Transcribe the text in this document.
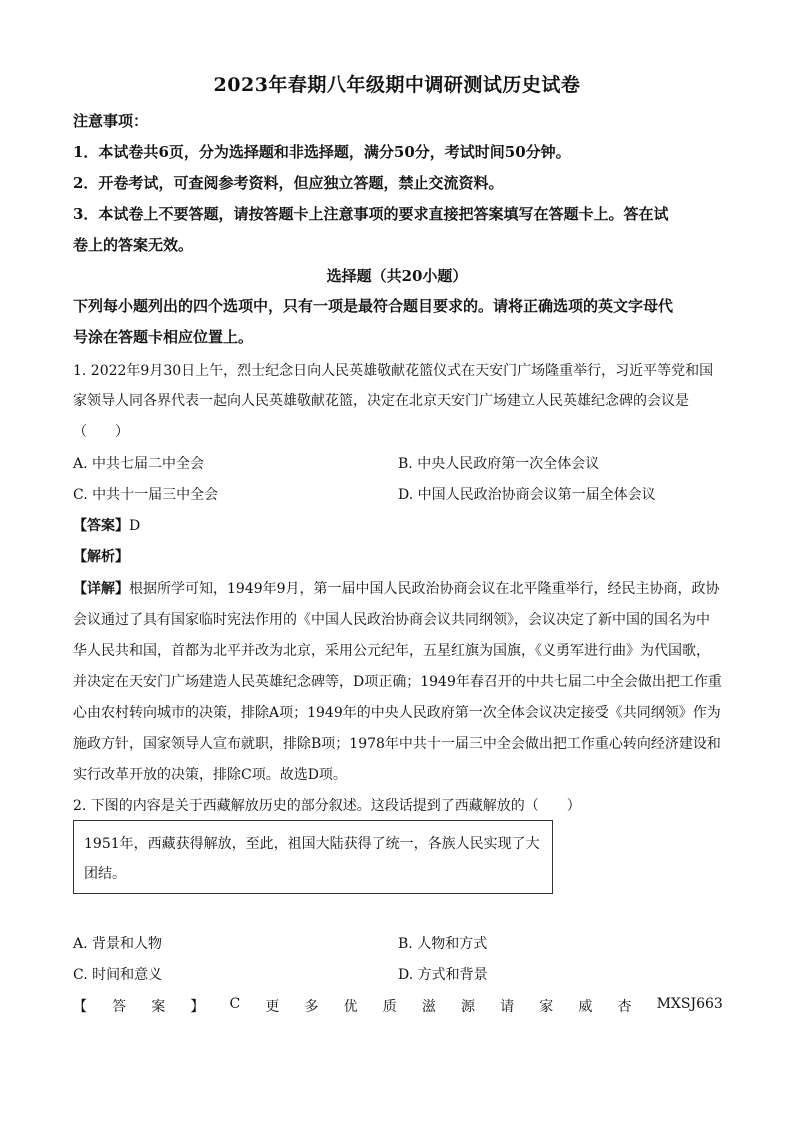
2023年春期八年级期中调研测试历史试卷
注意事项：
1．本试卷共6页，分为选择题和非选择题，满分50分，考试时间50分钟。
2．开卷考试，可查阅参考资料，但应独立答题，禁止交流资料。
3．本试卷上不要答题，请按答题卡上注意事项的要求直接把答案填写在答题卡上。答在试
卷上的答案无效。
选择题（共20小题）
下列每小题列出的四个选项中，只有一项是最符合题目要求的。请将正确选项的英文字母代
号涂在答题卡相应位置上。
1. 2022年9月30日上午，烈士纪念日向人民英雄敬献花篮仪式在天安门广场隆重举行，习近平等党和国
家领导人同各界代表一起向人民英雄敬献花篮，决定在北京天安门广场建立人民英雄纪念碑的会议是
（　　）
A. 中共七届二中全会	B. 中央人民政府第一次全体会议
C. 中共十一届三中全会	D. 中国人民政治协商会议第一届全体会议
【答案】D
【解析】
【详解】根据所学可知，1949年9月，第一届中国人民政治协商会议在北平隆重举行，经民主协商，政协
会议通过了具有国家临时宪法作用的《中国人民政治协商会议共同纲领》，会议决定了新中国的国名为中
华人民共和国，首都为北平并改为北京，采用公元纪年，五星红旗为国旗，《义勇军进行曲》为代国歌，
并决定在天安门广场建造人民英雄纪念碑等，D项正确；1949年春召开的中共七届二中全会做出把工作重
心由农村转向城市的决策，排除A项；1949年的中央人民政府第一次全体会议决定接受《共同纲领》作为
施政方针，国家领导人宣布就职，排除B项；1978年中共十一届三中全会做出把工作重心转向经济建设和
实行改革开放的决策，排除C项。故选D项。
2. 下图的内容是关于西藏解放历史的部分叙述。这段话提到了西藏解放的（　　）
1951年，西藏获得解放，至此，祖国大陆获得了统一，各族人民实现了大
团结。
A. 背景和人物	B. 人物和方式
C. 时间和意义	D. 方式和背景
【 答 案 】 C 更 多 优 质 滋 源 请 家 威 杏 MXSJ663
